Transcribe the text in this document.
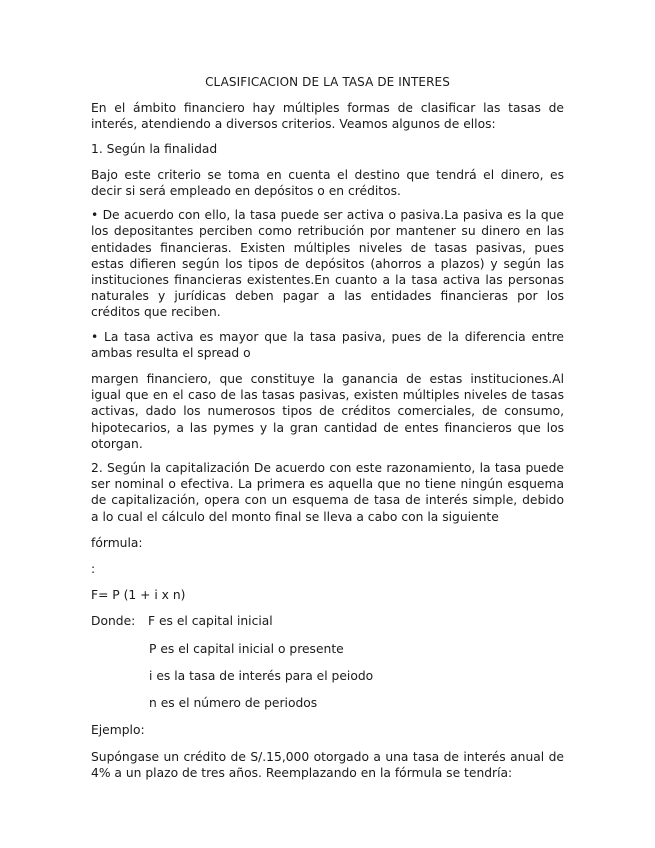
CLASIFICACION DE LA TASA DE INTERES

En el ámbito financiero hay múltiples formas de clasificar las tasas de interés, atendiendo a diversos criterios. Veamos algunos de ellos:

1. Según la finalidad

Bajo este criterio se toma en cuenta el destino que tendrá el dinero, es decir si será empleado en depósitos o en créditos.

• De acuerdo con ello, la tasa puede ser activa o pasiva.La pasiva es la que los depositantes perciben como retribución por mantener su dinero en las entidades financieras. Existen múltiples niveles de tasas pasivas, pues estas difieren según los tipos de depósitos (ahorros a plazos) y según las instituciones financieras existentes.En cuanto a la tasa activa las personas naturales y jurídicas deben pagar a las entidades financieras por los créditos que reciben.

• La tasa activa es mayor que la tasa pasiva, pues de la diferencia entre ambas resulta el spread o

margen financiero, que constituye la ganancia de estas instituciones.Al igual que en el caso de las tasas pasivas, existen múltiples niveles de tasas activas, dado los numerosos tipos de créditos comerciales, de consumo, hipotecarios, a las pymes y la gran cantidad de entes financieros que los otorgan.

2. Según la capitalización De acuerdo con este razonamiento, la tasa puede ser nominal o efectiva. La primera es aquella que no tiene ningún esquema de capitalización, opera con un esquema de tasa de interés simple, debido a lo cual el cálculo del monto final se lleva a cabo con la siguiente

fórmula:

:

F= P (1 + i x n)

Donde:	F es el capital inicial
P es el capital inicial o presente
i es la tasa de interés para el peiodo
n es el número de periodos

Ejemplo:

Supóngase un crédito de S/.15,000 otorgado a una tasa de interés anual de 4% a un plazo de tres años. Reemplazando en la fórmula se tendría:
